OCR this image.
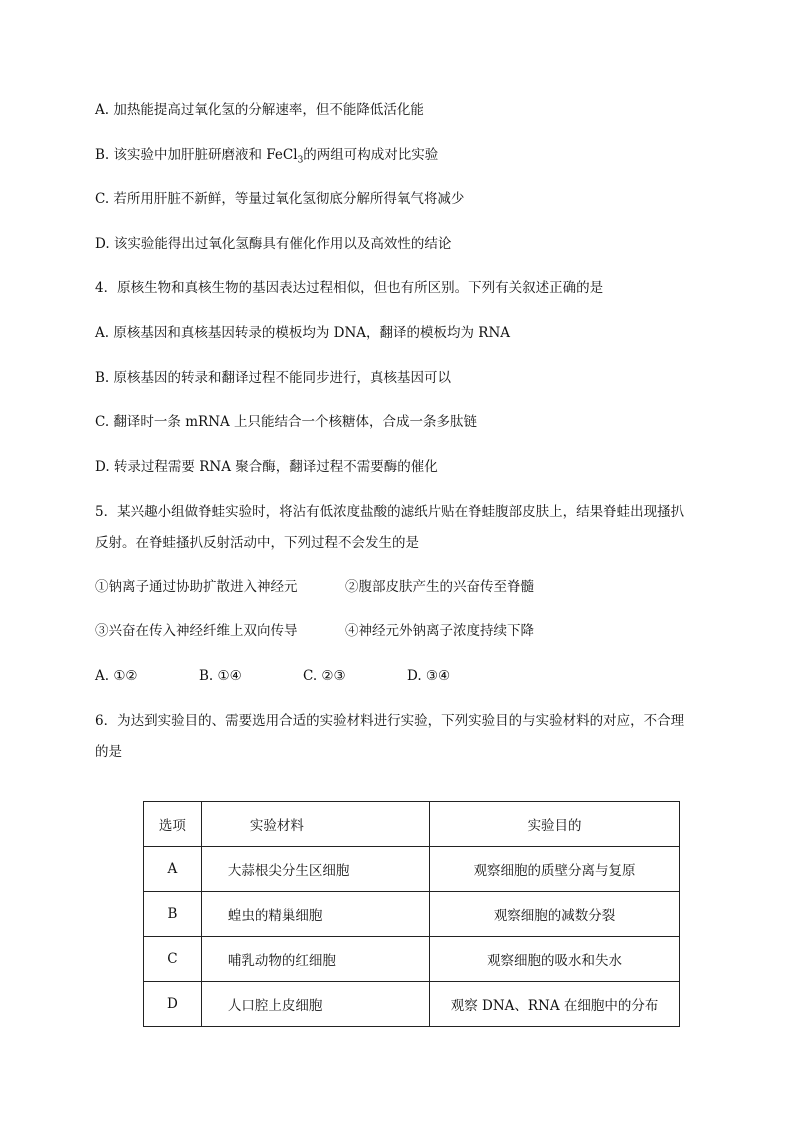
A. 加热能提高过氧化氢的分解速率，但不能降低活化能
B. 该实验中加肝脏研磨液和 FeCl$_3$的两组可构成对比实验
C. 若所用肝脏不新鲜，等量过氧化氢彻底分解所得氧气将减少
D. 该实验能得出过氧化氢酶具有催化作用以及高效性的结论
4．原核生物和真核生物的基因表达过程相似，但也有所区别。下列有关叙述正确的是
A. 原核基因和真核基因转录的模板均为 DNA，翻译的模板均为 RNA
B. 原核基因的转录和翻译过程不能同步进行，真核基因可以
C. 翻译时一条 mRNA 上只能结合一个核糖体，合成一条多肽链
D. 转录过程需要 RNA 聚合酶，翻译过程不需要酶的催化
5．某兴趣小组做脊蛙实验时，将沾有低浓度盐酸的滤纸片贴在脊蛙腹部皮肤上，结果脊蛙出现搔扒
反射。在脊蛙搔扒反射活动中，下列过程不会发生的是
①钠离子通过协助扩散进入神经元	②腹部皮肤产生的兴奋传至脊髓
③兴奋在传入神经纤维上双向传导	④神经元外钠离子浓度持续下降
A. ①②	B. ①④	C. ②③	D. ③④
6．为达到实验目的、需要选用合适的实验材料进行实验，下列实验目的与实验材料的对应，不合理
的是
选项	实验材料	实验目的
A	大蒜根尖分生区细胞	观察细胞的质壁分离与复原
B	蝗虫的精巢细胞	观察细胞的减数分裂
C	哺乳动物的红细胞	观察细胞的吸水和失水
D	人口腔上皮细胞	观察 DNA、RNA 在细胞中的分布
